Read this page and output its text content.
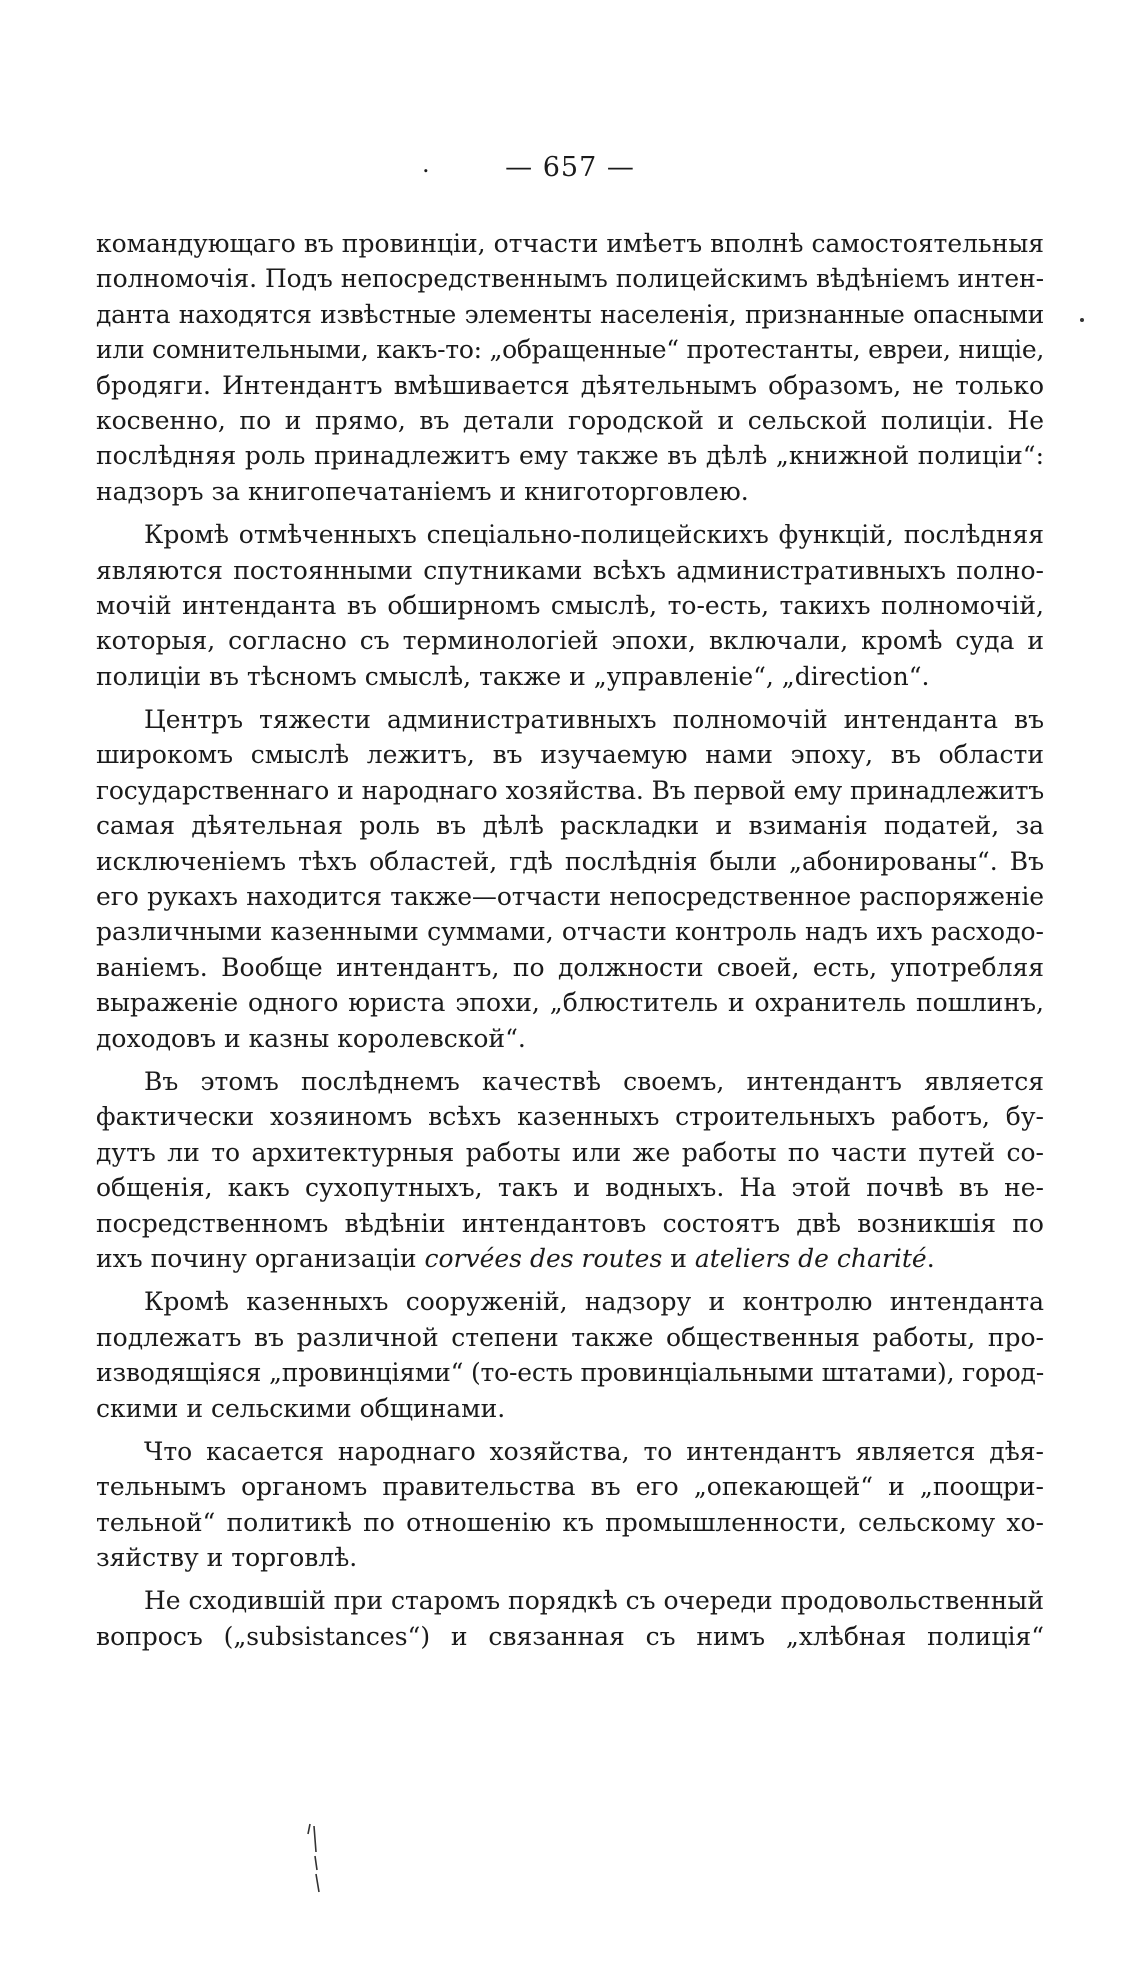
.	— 657 —
командующаго въ провинціи, отчасти имѣетъ вполнѣ самостоятельныя
полномочія. Подъ непосредственнымъ полицейскимъ вѣдѣніемъ интен-
данта находятся извѣстные элементы населенія, признанные опасными
или сомнительными, какъ-то: „обращенные“ протестанты, евреи, нищіе,
бродяги. Интендантъ вмѣшивается дѣятельнымъ образомъ, не только
косвенно, по и прямо, въ детали городской и сельской полиціи. Не
послѣдняя роль принадлежитъ ему также въ дѣлѣ „книжной полиціи“:
надзоръ за книгопечатаніемъ и книготорговлею.
Кромѣ отмѣченныхъ спеціально-полицейскихъ функцій, послѣдняя
являются постоянными спутниками всѣхъ административныхъ полно-
мочій интенданта въ обширномъ смыслѣ, то-есть, такихъ полномочій,
которыя, согласно съ терминологіей эпохи, включали, кромѣ суда и
полиціи въ тѣсномъ смыслѣ, также и „управленіе“, „direction“.
Центръ тяжести административныхъ полномочій интенданта въ
широкомъ смыслѣ лежитъ, въ изучаемую нами эпоху, въ области
государственнаго и народнаго хозяйства. Въ первой ему принадлежитъ
самая дѣятельная роль въ дѣлѣ раскладки и взиманія податей, за
исключеніемъ тѣхъ областей, гдѣ послѣднія были „абонированы“. Въ
его рукахъ находится также—отчасти непосредственное распоряженіе
различными казенными суммами, отчасти контроль надъ ихъ расходо-
ваніемъ. Вообще интендантъ, по должности своей, есть, употребляя
выраженіе одного юриста эпохи, „блюститель и охранитель пошлинъ,
доходовъ и казны королевской“.
Въ этомъ послѣднемъ качествѣ своемъ, интендантъ является
фактически хозяиномъ всѣхъ казенныхъ строительныхъ работъ, бу-
дутъ ли то архитектурныя работы или же работы по части путей со-
общенія, какъ сухопутныхъ, такъ и водныхъ. На этой почвѣ въ не-
посредственномъ вѣдѣніи интендантовъ состоятъ двѣ возникшія по
ихъ почину организаціи corvées des routes и ateliers de charité.
Кромѣ казенныхъ сооруженій, надзору и контролю интенданта
подлежатъ въ различной степени также общественныя работы, про-
изводящіяся „провинціями“ (то-есть провинціальными штатами), город-
скими и сельскими общинами.
Что касается народнаго хозяйства, то интендантъ является дѣя-
тельнымъ органомъ правительства въ его „опекающей“ и „поощри-
тельной“ политикѣ по отношенію къ промышленности, сельскому хо-
зяйству и торговлѣ.
Не сходившій при старомъ порядкѣ съ очереди продовольственный
вопросъ („subsistances“) и связанная съ нимъ „хлѣбная полиція“
